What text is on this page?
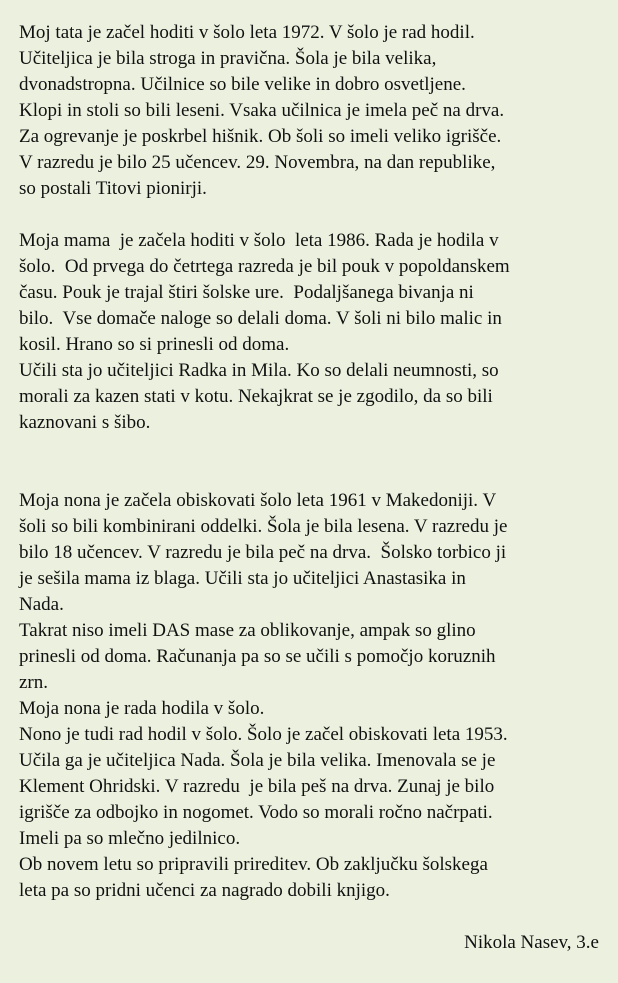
Moj tata je začel hoditi v šolo leta 1972. V šolo je rad hodil.
Učiteljica je bila stroga in pravična. Šola je bila velika,
dvonadstropna. Učilnice so bile velike in dobro osvetljene.
Klopi in stoli so bili leseni. Vsaka učilnica je imela peč na drva.
Za ogrevanje je poskrbel hišnik. Ob šoli so imeli veliko igrišče.
V razredu je bilo 25 učencev. 29. Novembra, na dan republike,
so postali Titovi pionirji.
Moja mama  je začela hoditi v šolo  leta 1986. Rada je hodila v
šolo.  Od prvega do četrtega razreda je bil pouk v popoldanskem
času. Pouk je trajal štiri šolske ure.  Podaljšanega bivanja ni
bilo.  Vse domače naloge so delali doma. V šoli ni bilo malic in
kosil. Hrano so si prinesli od doma.
Učili sta jo učiteljici Radka in Mila. Ko so delali neumnosti, so
morali za kazen stati v kotu. Nekajkrat se je zgodilo, da so bili
kaznovani s šibo.
Moja nona je začela obiskovati šolo leta 1961 v Makedoniji. V
šoli so bili kombinirani oddelki. Šola je bila lesena. V razredu je
bilo 18 učencev. V razredu je bila peč na drva.  Šolsko torbico ji
je sešila mama iz blaga. Učili sta jo učiteljici Anastasika in
Nada.
Takrat niso imeli DAS mase za oblikovanje, ampak so glino
prinesli od doma. Računanja pa so se učili s pomočjo koruznih
zrn.
Moja nona je rada hodila v šolo.
Nono je tudi rad hodil v šolo. Šolo je začel obiskovati leta 1953.
Učila ga je učiteljica Nada. Šola je bila velika. Imenovala se je
Klement Ohridski. V razredu  je bila peš na drva. Zunaj je bilo
igrišče za odbojko in nogomet. Vodo so morali ročno načrpati.
Imeli pa so mlečno jedilnico.
Ob novem letu so pripravili prireditev. Ob zaključku šolskega
leta pa so pridni učenci za nagrado dobili knjigo.
Nikola Nasev, 3.e
